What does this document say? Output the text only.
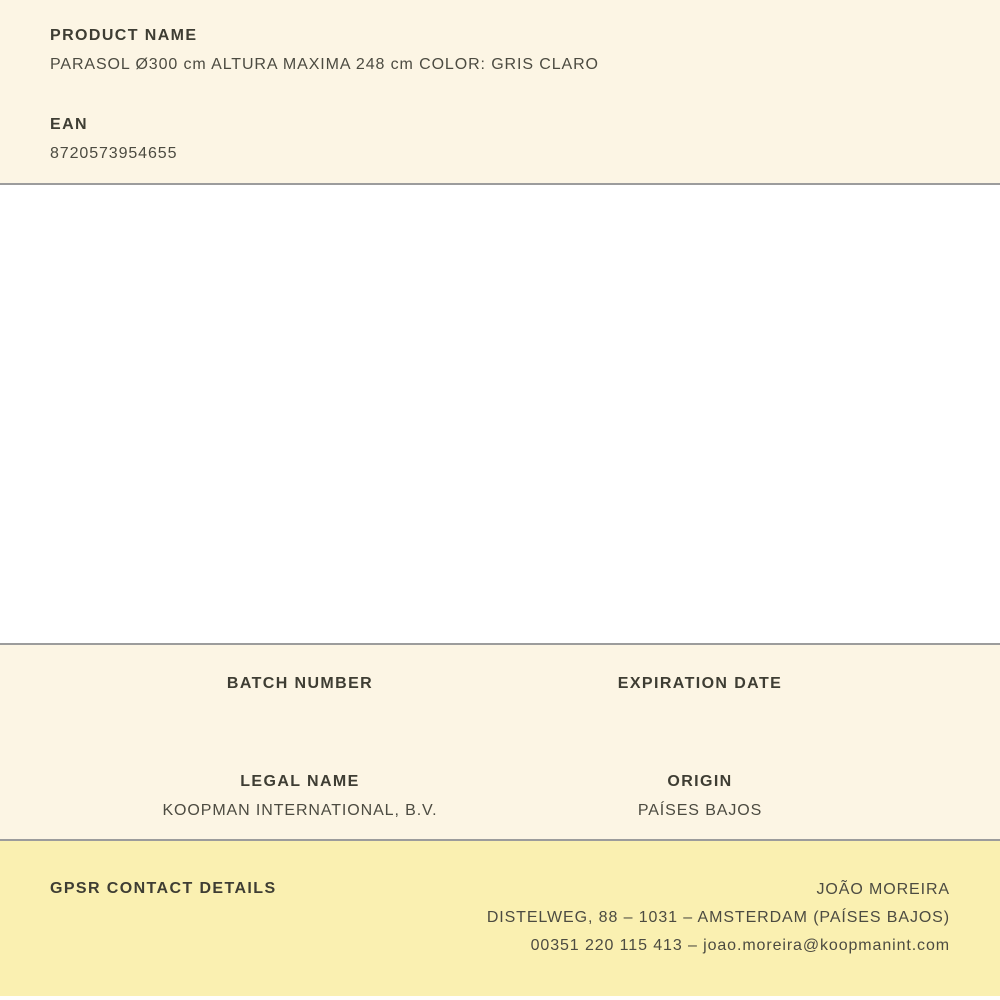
PRODUCT NAME
PARASOL Ø300 cm ALTURA MAXIMA 248 cm COLOR: GRIS CLARO
EAN
8720573954655
BATCH NUMBER	EXPIRATION DATE
LEGAL NAME
KOOPMAN INTERNATIONAL, B.V.
ORIGIN
PAÍSES BAJOS
GPSR CONTACT DETAILS	JOÃO MOREIRA
DISTELWEG, 88 – 1031 – AMSTERDAM (PAÍSES BAJOS)
00351 220 115 413 – joao.moreira@koopmanint.com
